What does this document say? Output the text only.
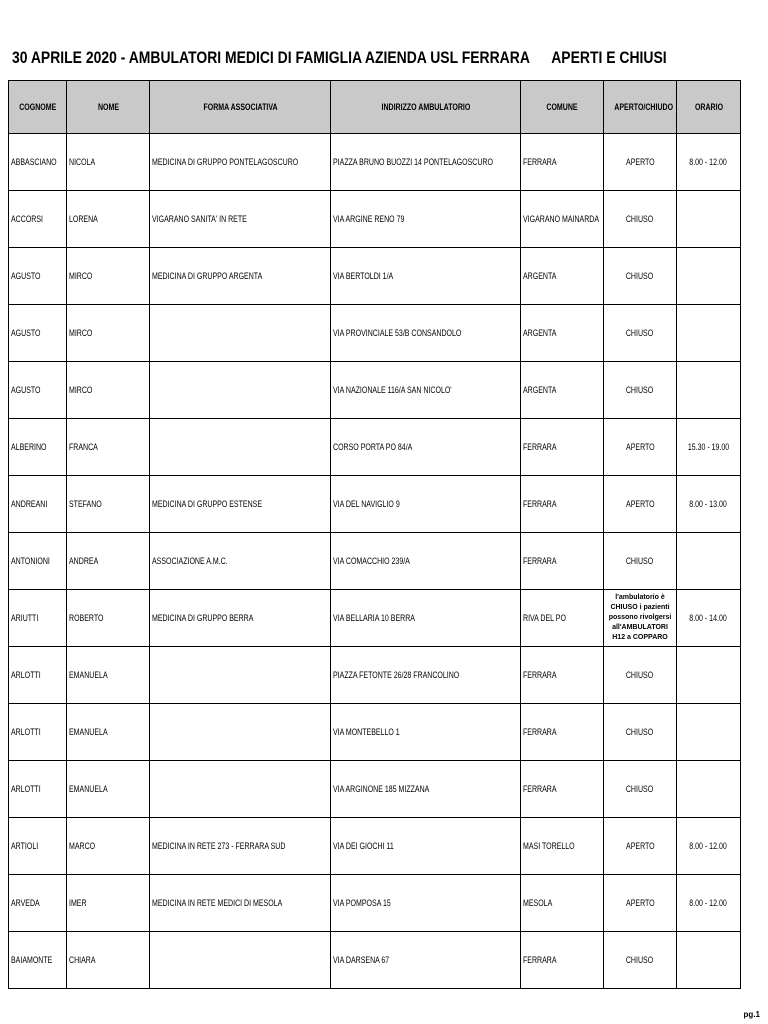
30 APRILE 2020 - AMBULATORI MEDICI DI FAMIGLIA AZIENDA USL FERRARA APERTI E CHIUSI
COGNOME	NOME	FORMA ASSOCIATIVA	INDIRIZZO AMBULATORIO	COMUNE	APERTO/CHIUDO	ORARIO
ABBASCIANO	NICOLA	MEDICINA DI GRUPPO PONTELAGOSCURO	PIAZZA BRUNO BUOZZI 14 PONTELAGOSCURO	FERRARA	APERTO	8.00 - 12.00
ACCORSI	LORENA	VIGARANO SANITA' IN RETE	VIA ARGINE RENO 79	VIGARANO MAINARDA	CHIUSO	
AGUSTO	MIRCO	MEDICINA DI GRUPPO ARGENTA	VIA BERTOLDI 1/A	ARGENTA	CHIUSO	
AGUSTO	MIRCO		VIA PROVINCIALE 53/B CONSANDOLO	ARGENTA	CHIUSO	
AGUSTO	MIRCO		VIA NAZIONALE 116/A SAN NICOLO'	ARGENTA	CHIUSO	
ALBERINO	FRANCA		CORSO PORTA PO 84/A	FERRARA	APERTO	15.30 - 19.00
ANDREANI	STEFANO	MEDICINA DI GRUPPO ESTENSE	VIA DEL NAVIGLIO 9	FERRARA	APERTO	8.00 - 13.00
ANTONIONI	ANDREA	ASSOCIAZIONE A.M.C.	VIA COMACCHIO 239/A	FERRARA	CHIUSO	
ARIUTTI	ROBERTO	MEDICINA DI GRUPPO BERRA	VIA BELLARIA 10 BERRA	RIVA DEL PO	l'ambulatorio è CHIUSO i pazienti possono rivolgersi all'AMBULATORI H12 a COPPARO	8.00 - 14.00
ARLOTTI	EMANUELA		PIAZZA FETONTE 26/28 FRANCOLINO	FERRARA	CHIUSO	
ARLOTTI	EMANUELA		VIA MONTEBELLO 1	FERRARA	CHIUSO	
ARLOTTI	EMANUELA		VIA ARGINONE 185 MIZZANA	FERRARA	CHIUSO	
ARTIOLI	MARCO	MEDICINA IN RETE 273 - FERRARA SUD	VIA DEI GIOCHI 11	MASI TORELLO	APERTO	8.00 - 12.00
ARVEDA	IMER	MEDICINA IN RETE MEDICI DI MESOLA	VIA POMPOSA 15	MESOLA	APERTO	8.00 - 12.00
BAIAMONTE	CHIARA		VIA DARSENA 67	FERRARA	CHIUSO	
pg.1
